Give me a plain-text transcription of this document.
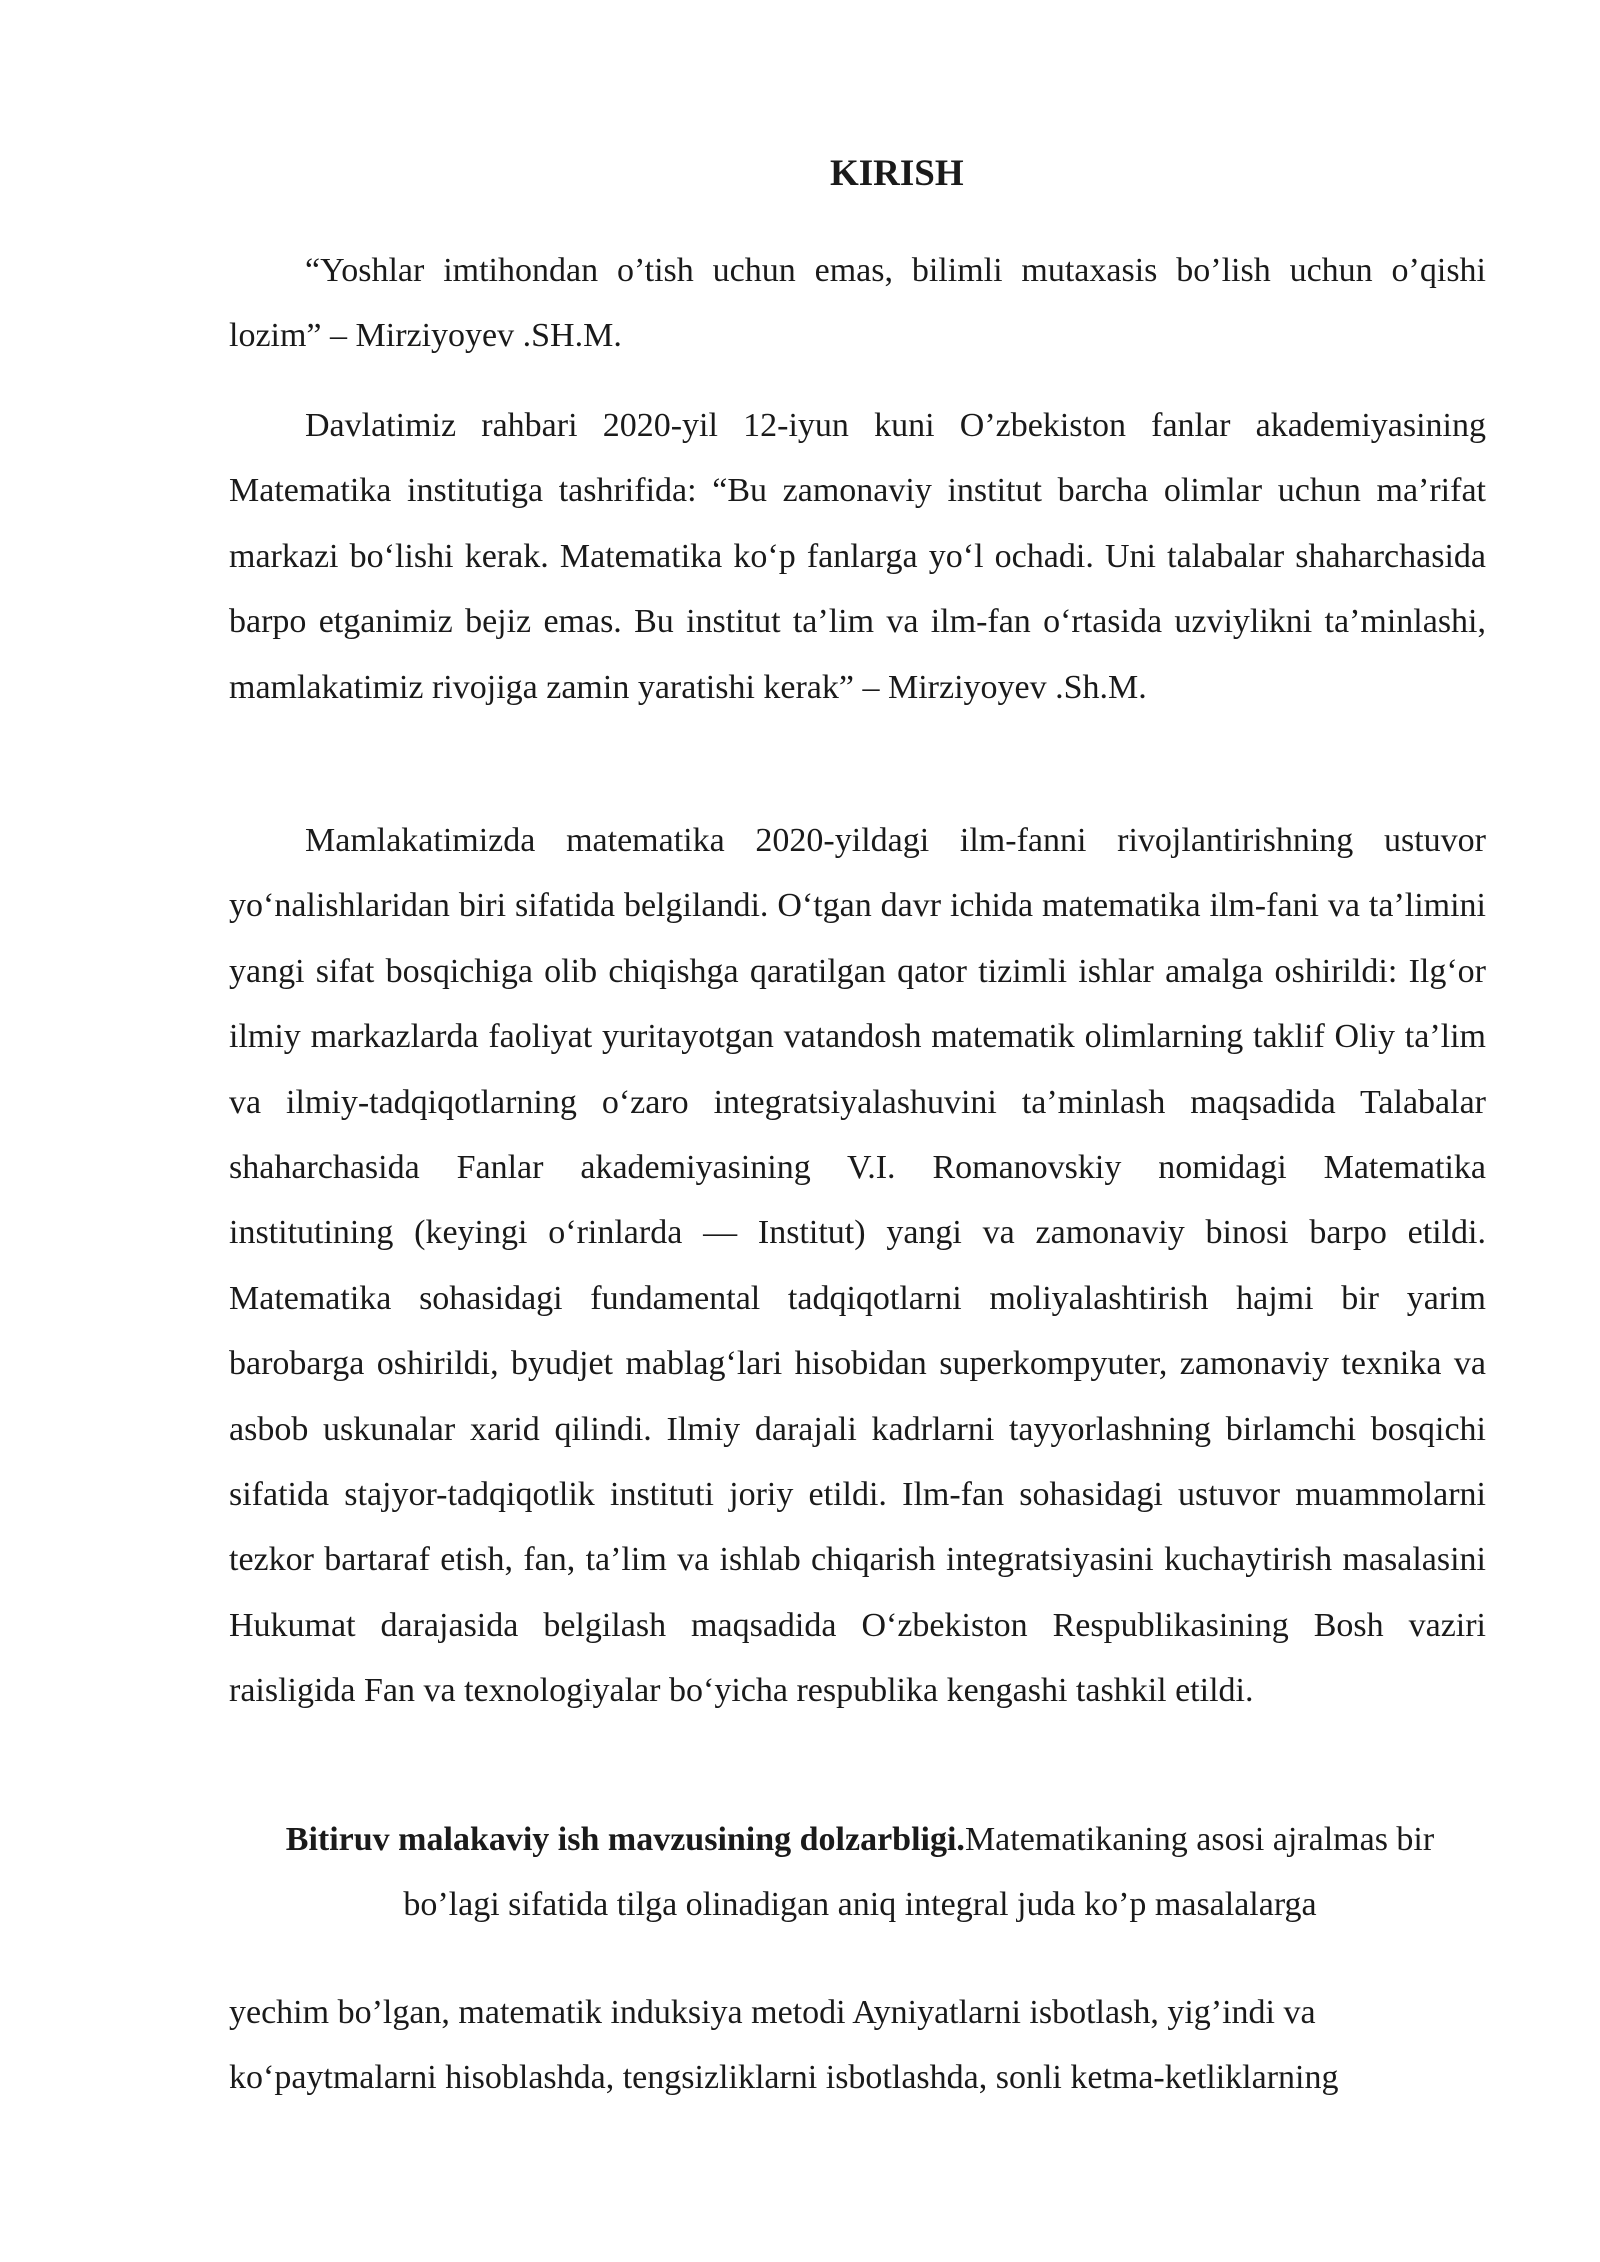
KIRISH

“Yoshlar imtihondan o’tish uchun emas, bilimli mutaxasis bo’lish uchun o’qishi lozim” – Mirziyoyev .SH.M.

Davlatimiz rahbari 2020-yil 12-iyun kuni O’zbekiston fanlar akademiyasining Matematika institutiga tashrifida: “Bu zamonaviy institut barcha olimlar uchun ma’rifat markazi bo‘lishi kerak. Matematika ko‘p fanlarga yo‘l ochadi. Uni talabalar shaharchasida barpo etganimiz bejiz emas. Bu institut ta’lim va ilm-fan o‘rtasida uzviylikni ta’minlashi, mamlakatimiz rivojiga zamin yaratishi kerak” – Mirziyoyev .Sh.M.

Mamlakatimizda matematika 2020-yildagi ilm-fanni rivojlantirishning ustuvor yo‘nalishlaridan biri sifatida belgilandi. O‘tgan davr ichida matematika ilm-fani va ta’limini yangi sifat bosqichiga olib chiqishga qaratilgan qator tizimli ishlar amalga oshirildi: Ilg‘or ilmiy markazlarda faoliyat yuritayotgan vatandosh matematik olimlarning taklif Oliy ta’lim va ilmiy-tadqiqotlarning o‘zaro integratsiyalashuvini ta’minlash maqsadida Talabalar shaharchasida Fanlar akademiyasining V.I. Romanovskiy nomidagi Matematika institutining (keyingi o‘rinlarda — Institut) yangi va zamonaviy binosi barpo etildi. Matematika sohasidagi fundamental tadqiqotlarni moliyalashtirish hajmi bir yarim barobarga oshirildi, byudjet mablag‘lari hisobidan superkompyuter, zamonaviy texnika va asbob uskunalar xarid qilindi. Ilmiy darajali kadrlarni tayyorlashning birlamchi bosqichi sifatida stajyor-tadqiqotlik instituti joriy etildi. Ilm-fan sohasidagi ustuvor muammolarni tezkor bartaraf etish, fan, ta’lim va ishlab chiqarish integratsiyasini kuchaytirish masalasini Hukumat darajasida belgilash maqsadida O‘zbekiston Respublikasining Bosh vaziri raisligida Fan va texnologiyalar bo‘yicha respublika kengashi tashkil etildi.

Bitiruv malakaviy ish mavzusining dolzarbligi.Matematikaning asosi ajralmas bir bo’lagi sifatida tilga olinadigan aniq integral juda ko’p masalalarga

yechim bo’lgan, matematik induksiya metodi Ayniyatlarni isbotlash, yig’indi va
ko‘paytmalarni hisoblashda, tengsizliklarni isbotlashda, sonli ketma-ketliklarning
